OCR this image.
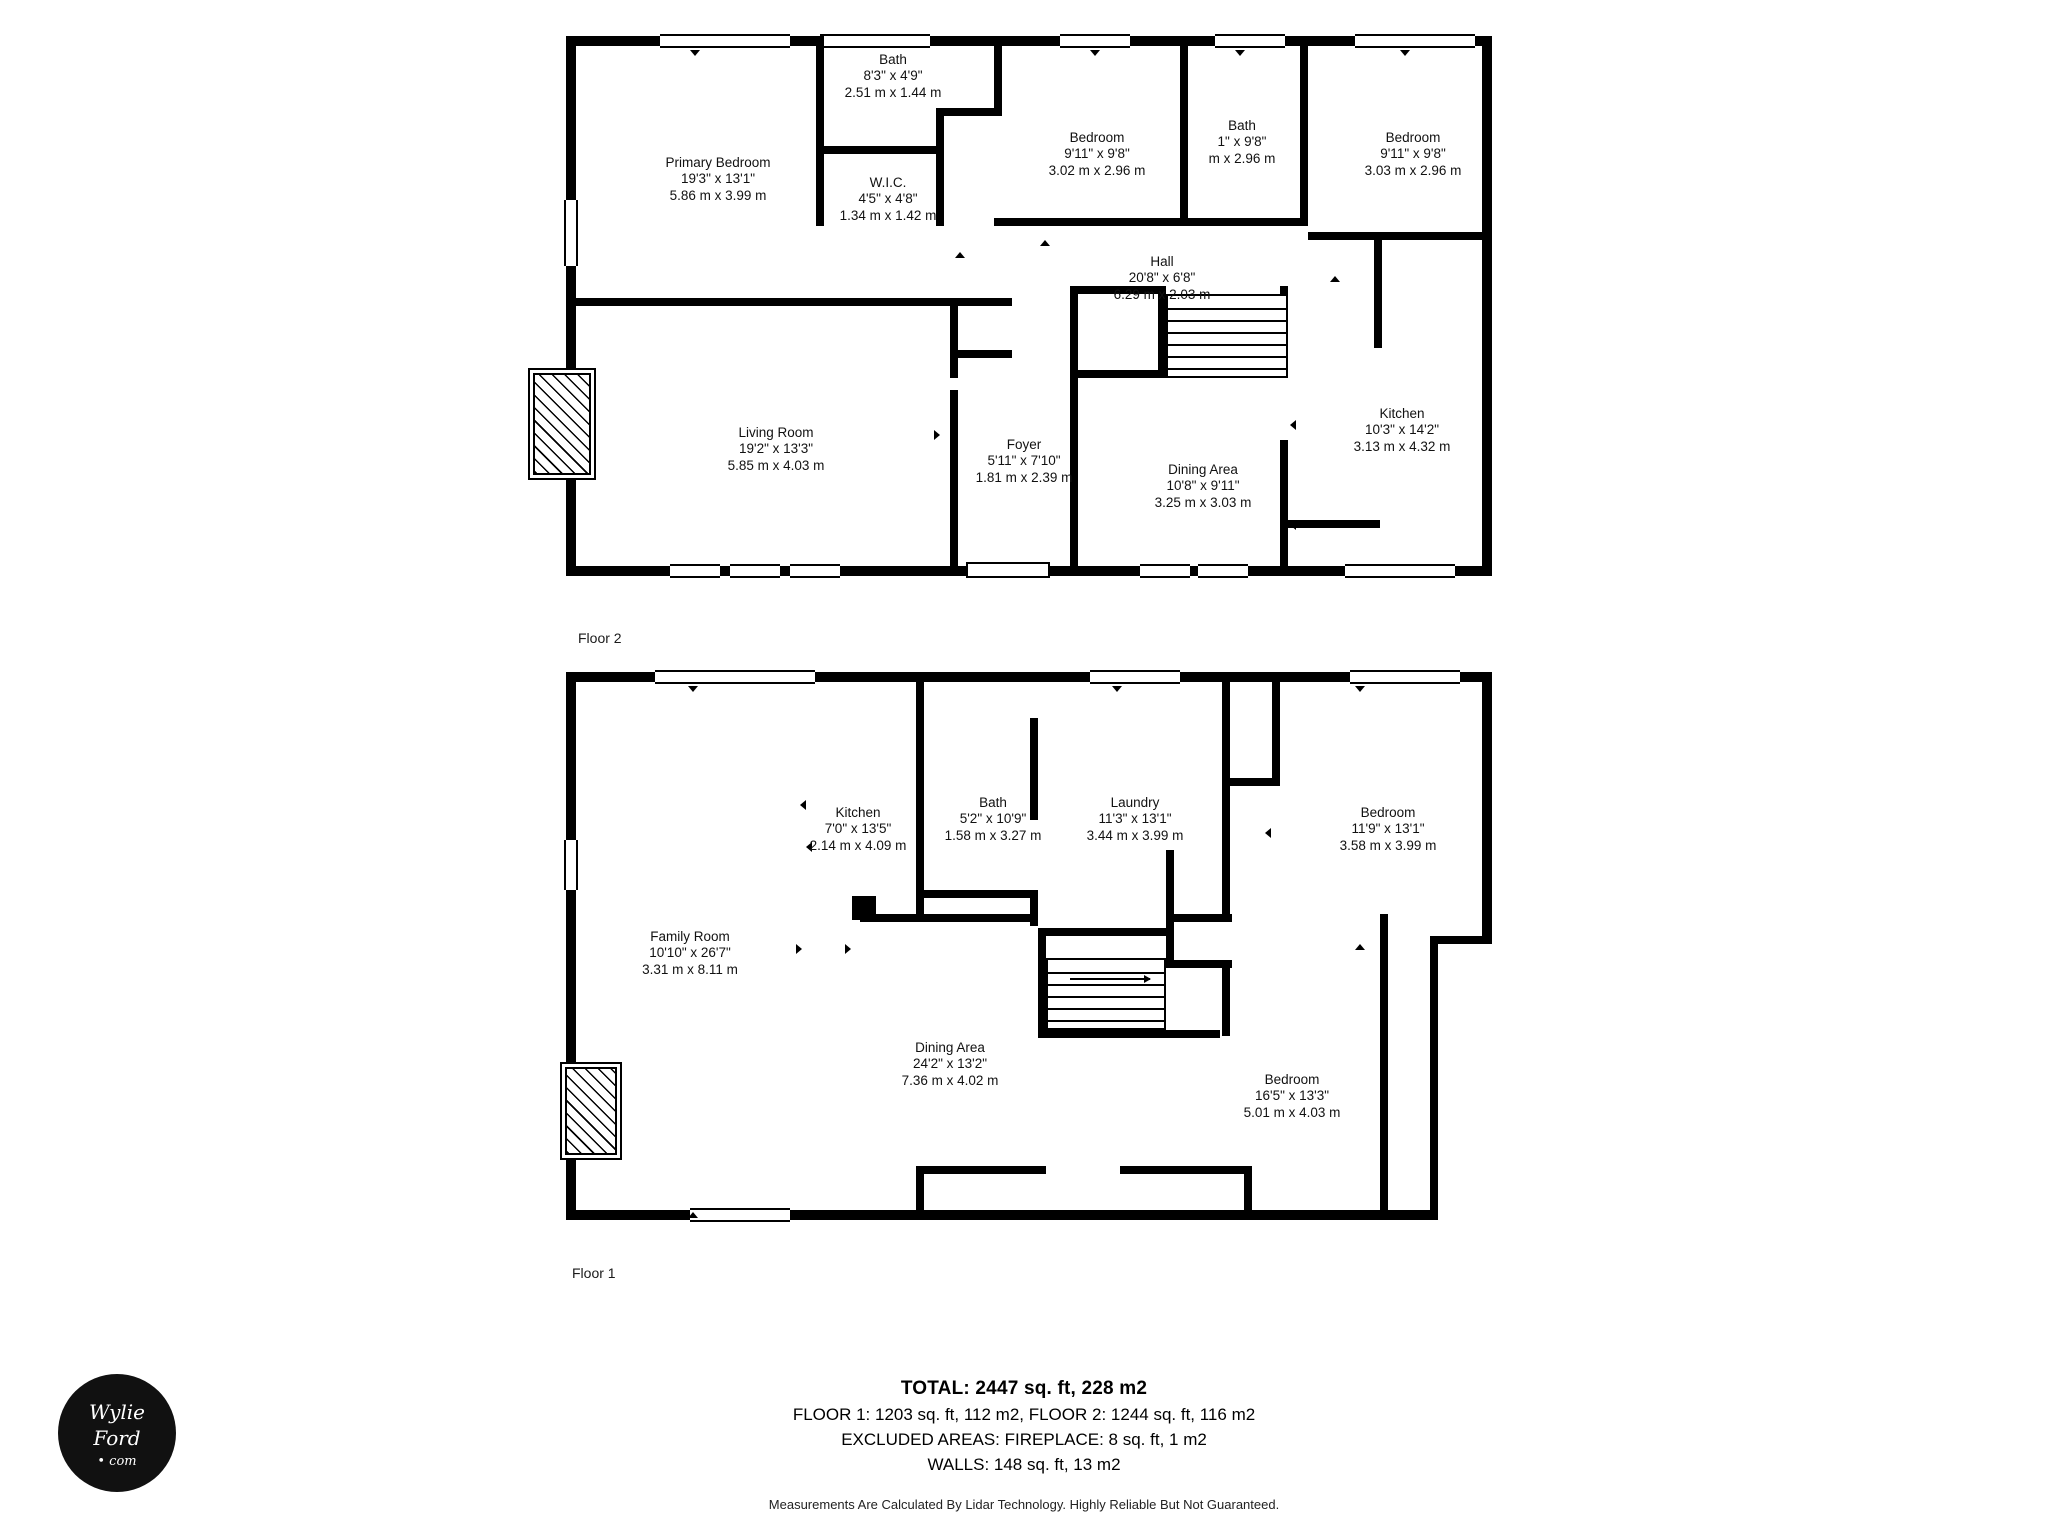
Primary Bedroom
19'3" x 13'1"
5.86 m x 3.99 m
Bath
8'3" x 4'9"
2.51 m x 1.44 m
W.I.C.
4'5" x 4'8"
1.34 m x 1.42 m
Bedroom
9'11" x 9'8"
3.02 m x 2.96 m
Bath
1" x 9'8"
m x 2.96 m
Bedroom
9'11" x 9'8"
3.03 m x 2.96 m
Hall
20'8" x 6'8"
6.29 m x 2.03 m
Kitchen
10'3" x 14'2"
3.13 m x 4.32 m
Living Room
19'2" x 13'3"
5.85 m x 4.03 m
Foyer
5'11" x 7'10"
1.81 m x 2.39 m
Dining Area
10'8" x 9'11"
3.25 m x 3.03 m
Floor 2
Kitchen
7'0" x 13'5"
2.14 m x 4.09 m
Bath
5'2" x 10'9"
1.58 m x 3.27 m
Laundry
11'3" x 13'1"
3.44 m x 3.99 m
Bedroom
11'9" x 13'1"
3.58 m x 3.99 m
Family Room
10'10" x 26'7"
3.31 m x 8.11 m
Dining Area
24'2" x 13'2"
7.36 m x 4.02 m	Bedroom
16'5" x 13'3"
5.01 m x 4.03 m
Floor 1
TOTAL: 2447 sq. ft, 228 m2
FLOOR 1: 1203 sq. ft, 112 m2, FLOOR 2: 1244 sq. ft, 116 m2
EXCLUDED AREAS: FIREPLACE: 8 sq. ft, 1 m2
WALLS: 148 sq. ft, 13 m2
Measurements Are Calculated By Lidar Technology. Highly Reliable But Not Guaranteed.
Wylie
Ford
• com
